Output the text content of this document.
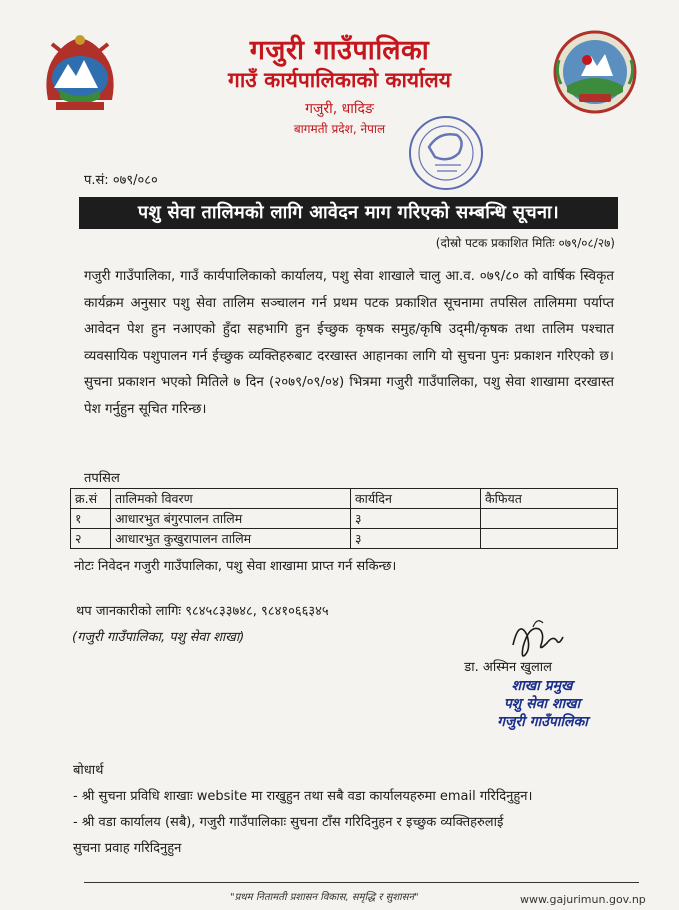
गजुरी गाउँपालिका
गाउँ कार्यपालिकाको कार्यालय
गजुरी, धादिङ
बागमती प्रदेश, नेपाल
प.सं: ०७९/०८०
पशु सेवा तालिमको लागि आवेदन माग गरिएको सम्बन्धि सूचना।
(दोस्रो पटक प्रकाशित मितिः ०७९/०८/२७)

गजुरी गाउँपालिका, गाउँ कार्यपालिकाको कार्यालय, पशु सेवा शाखाले चालु आ.व. ०७९/८० को वार्षिक स्विकृत कार्यक्रम अनुसार पशु सेवा तालिम सञ्चालन गर्न प्रथम पटक प्रकाशित सूचनामा तपसिल तालिममा पर्याप्त आवेदन पेश हुन नआएको हुँदा सहभागि हुन ईच्छुक कृषक समुह/कृषि उद्‍मी/कृषक तथा तालिम पश्चात व्यवसायिक पशुपालन गर्न ईच्छुक व्यक्तिहरुबाट दरखास्त आहानका लागि यो सुचना पुनः प्रकाशन गरिएको छ। सुचना प्रकाशन भएको मितिले ७ दिन (२०७९/०९/०४) भित्रमा गजुरी गाउँपालिका, पशु सेवा शाखामा दरखास्त पेश गर्नुहुन सूचित गरिन्छ।

तपसिल
क्र.सं	तालिमको विवरण	कार्यदिन	कैफियत
१	आधारभुत बंगुरपालन तालिम	३	
२	आधारभुत कुखुरापालन तालिम	३	
नोटः निवेदन गजुरी गाउँपालिका, पशु सेवा शाखामा प्राप्त गर्न सकिन्छ।
थप जानकारीको लागिः ९८४५८३३७४८, ९८४१०६६३४५
(गजुरी गाउँपालिका, पशु सेवा शाखा)
डा. अस्मिन खुलाल
शाखा प्रमुख
पशु सेवा शाखा
गजुरी गाउँपालिका
बोधार्थ
- श्री सुचना प्रविधि शाखाः website मा राखुहुन तथा सबै वडा कार्यालयहरुमा email गरिदिनुहुन।
- श्री वडा कार्यालय (सबै), गजुरी गाउँपालिकाः सुचना टाँस गरिदिनुहन र इच्छुक व्यक्तिहरुलाई
सुचना प्रवाह गरिदिनुहुन
"प्रथम नितामती प्रशासन विकास, समृद्धि र सुशासन"	www.gajurimun.gov.np
